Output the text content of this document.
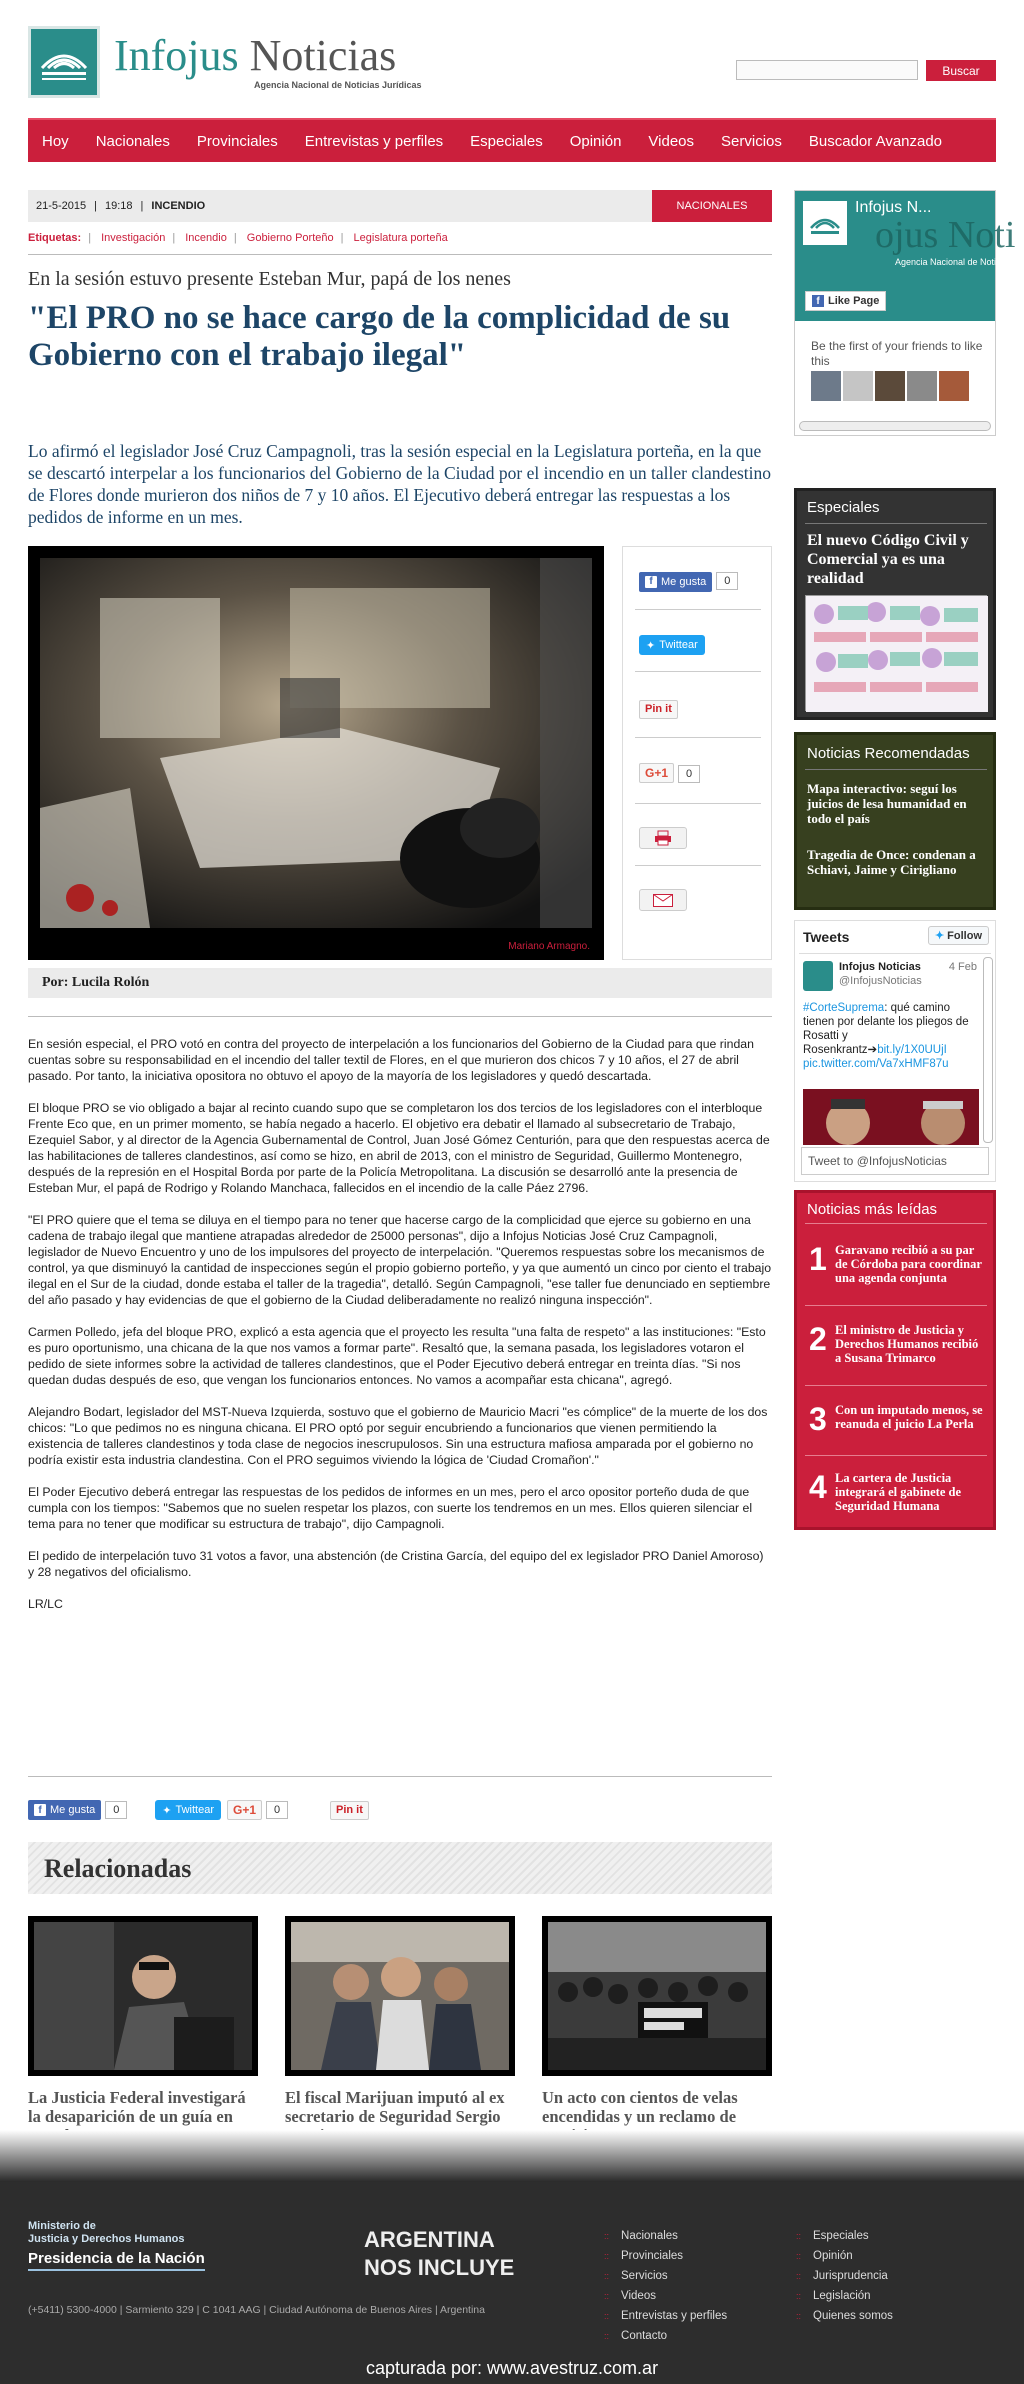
Infojus Noticias
Agencia Nacional de Noticias Jurídicas
Buscar
Hoy Nacionales Provinciales Entrevistas y perfiles Especiales Opinión Videos Servicios Buscador Avanzado
21-5-2015 | 19:18 | INCENDIO	NACIONALES
Etiquetas: | Investigación | Incendio | Gobierno Porteño | Legislatura porteña
En la sesión estuvo presente Esteban Mur, papá de los nenes
"El PRO no se hace cargo de la complicidad de su Gobierno con el trabajo ilegal"
Lo afirmó el legislador José Cruz Campagnoli, tras la sesión especial en la Legislatura porteña, en la que se descartó interpelar a los funcionarios del Gobierno de la Ciudad por el incendio en un taller clandestino de Flores donde murieron dos niños de 7 y 10 años. El Ejecutivo deberá entregar las respuestas a los pedidos de informe en un mes.
Mariano Armagno.
f Me gusta 0
✦ Twittear
Pin it
G+1 0
Por: Lucila Rolón

En sesión especial, el PRO votó en contra del proyecto de interpelación a los funcionarios del Gobierno de la Ciudad para que rindan cuentas sobre su responsabilidad en el incendio del taller textil de Flores, en el que murieron dos chicos 7 y 10 años, el 27 de abril pasado. Por tanto, la iniciativa opositora no obtuvo el apoyo de la mayoría de los legisladores y quedó descartada.

El bloque PRO se vio obligado a bajar al recinto cuando supo que se completaron los dos tercios de los legisladores con el interbloque Frente Eco que, en un primer momento, se había negado a hacerlo. El objetivo era debatir el llamado al subsecretario de Trabajo, Ezequiel Sabor, y al director de la Agencia Gubernamental de Control, Juan José Gómez Centurión, para que den respuestas acerca de las habilitaciones de talleres clandestinos, así como se hizo, en abril de 2013, con el ministro de Seguridad, Guillermo Montenegro, después de la represión en el Hospital Borda por parte de la Policía Metropolitana. La discusión se desarrolló ante la presencia de Esteban Mur, el papá de Rodrigo y Rolando Manchaca, fallecidos en el incendio de la calle Páez 2796.

"El PRO quiere que el tema se diluya en el tiempo para no tener que hacerse cargo de la complicidad que ejerce su gobierno en una cadena de trabajo ilegal que mantiene atrapadas alrededor de 25000 personas", dijo a Infojus Noticias José Cruz Campagnoli, legislador de Nuevo Encuentro y uno de los impulsores del proyecto de interpelación. "Queremos respuestas sobre los mecanismos de control, ya que disminuyó la cantidad de inspecciones según el propio gobierno porteño, y ya que aumentó un cinco por ciento el trabajo ilegal en el Sur de la ciudad, donde estaba el taller de la tragedia", detalló. Según Campagnoli, "ese taller fue denunciado en septiembre del año pasado y hay evidencias de que el gobierno de la Ciudad deliberadamente no realizó ninguna inspección".

Carmen Polledo, jefa del bloque PRO, explicó a esta agencia que el proyecto les resulta "una falta de respeto" a las instituciones: "Esto es puro oportunismo, una chicana de la que nos vamos a formar parte". Resaltó que, la semana pasada, los legisladores votaron el pedido de siete informes sobre la actividad de talleres clandestinos, que el Poder Ejecutivo deberá entregar en treinta días. "Si nos quedan dudas después de eso, que vengan los funcionarios entonces. No vamos a acompañar esta chicana", agregó.

Alejandro Bodart, legislador del MST-Nueva Izquierda, sostuvo que el gobierno de Mauricio Macri "es cómplice" de la muerte de los dos chicos: "Lo que pedimos no es ninguna chicana. El PRO optó por seguir encubriendo a funcionarios que vienen permitiendo la existencia de talleres clandestinos y toda clase de negocios inescrupulosos. Sin una estructura mafiosa amparada por el gobierno no podría existir esta industria clandestina. Con el PRO seguimos viviendo la lógica de 'Ciudad Cromañon'."

El Poder Ejecutivo deberá entregar las respuestas de los pedidos de informes en un mes, pero el arco opositor porteño duda de que cumpla con los tiempos: "Sabemos que no suelen respetar los plazos, con suerte los tendremos en un mes. Ellos quieren silenciar el tema para no tener que modificar su estructura de trabajo", dijo Campagnoli.

El pedido de interpelación tuvo 31 votos a favor, una abstención (de Cristina García, del equipo del ex legislador PRO Daniel Amoroso) y 28 negativos del oficialismo.

LR/LC

f Me gusta	0	✦ Twittear	G+1	0	Pin it
Relacionadas
La Justicia Federal investigará la desaparición de un guía en
El fiscal Marijuan imputó al ex secretario de Seguridad Sergio
Un acto con cientos de velas encendidas y un reclamo de
Infojus N...
ojus Noti
Agencia Nacional de Noticias
f Like Page
Be the first of your friends to like this
Especiales
El nuevo Código Civil y Comercial ya es una realidad
Noticias Recomendadas
Mapa interactivo: seguí los juicios de lesa humanidad en todo el país
Tragedia de Once: condenan a Schiavi, Jaime y Cirigliano
Tweets	✦ Follow
Infojus Noticias
@InfojusNoticias
4 Feb
#CorteSuprema: qué camino tienen por delante los pliegos de Rosatti y Rosenkrantz➔bit.ly/1X0UUjI pic.twitter.com/Va7xHMF87u
Tweet to @InfojusNoticias
Noticias más leídas
1 Garavano recibió a su par de Córdoba para coordinar una agenda conjunta
2 El ministro de Justicia y Derechos Humanos recibió a Susana Trimarco
3 Con un imputado menos, se reanuda el juicio La Perla
4 La cartera de Justicia integrará el gabinete de Seguridad Humana
Ministerio de
Justicia y Derechos Humanos
Presidencia de la Nación
ARGENTINA
NOS INCLUYE
(+5411) 5300-4000 | Sarmiento 329 | C 1041 AAG | Ciudad Autónoma de Buenos Aires | Argentina
:: Nacionales
:: Provinciales
:: Servicios
:: Videos
:: Entrevistas y perfiles
:: Contacto
:: Especiales
:: Opinión
:: Jurisprudencia
:: Legislación
:: Quienes somos
capturada por: www.avestruz.com.ar
